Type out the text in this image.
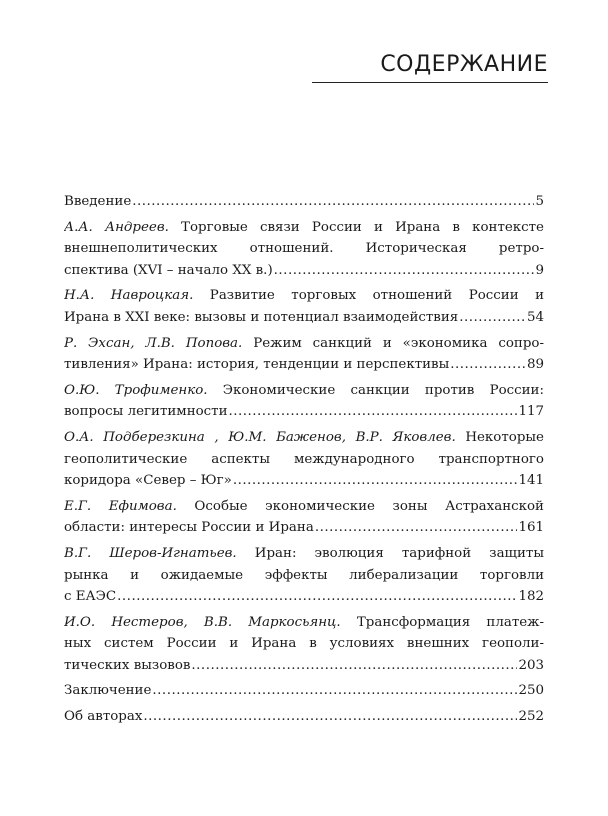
СОДЕРЖАНИЕ
Введение .....	5
А.А. Андреев. Торговые связи России и Ирана в контексте
внешнеполитических отношений. Историческая ретро-
спектива (XVI – начало XX в.) .....	9
Н.А. Навроцкая. Развитие торговых отношений России и
Ирана в XXI веке: вызовы и потенциал взаимодействия .....	54
Р. Эхсан, Л.В. Попова. Режим санкций и «экономика сопро-
тивления» Ирана: история, тенденции и перспективы .....	89
О.Ю. Трофименко. Экономические санкции против России:
вопросы легитимности .....	117
О.А. Подберезкина , Ю.М. Баженов, В.Р. Яковлев. Некоторые
геополитические аспекты международного транспортного
коридора «Север – Юг» .....	141
Е.Г. Ефимова. Особые экономические зоны Астраханской
области: интересы России и Ирана .....	161
В.Г. Шеров-Игнатьев. Иран: эволюция тарифной защиты
рынка и ожидаемые эффекты либерализации торговли
с ЕАЭС .....	182
И.О. Нестеров, В.В. Маркосьянц. Трансформация платеж-
ных систем России и Ирана в условиях внешних геополи-
тических вызовов .....	203
Заключение .....	250
Об авторах .....	252
